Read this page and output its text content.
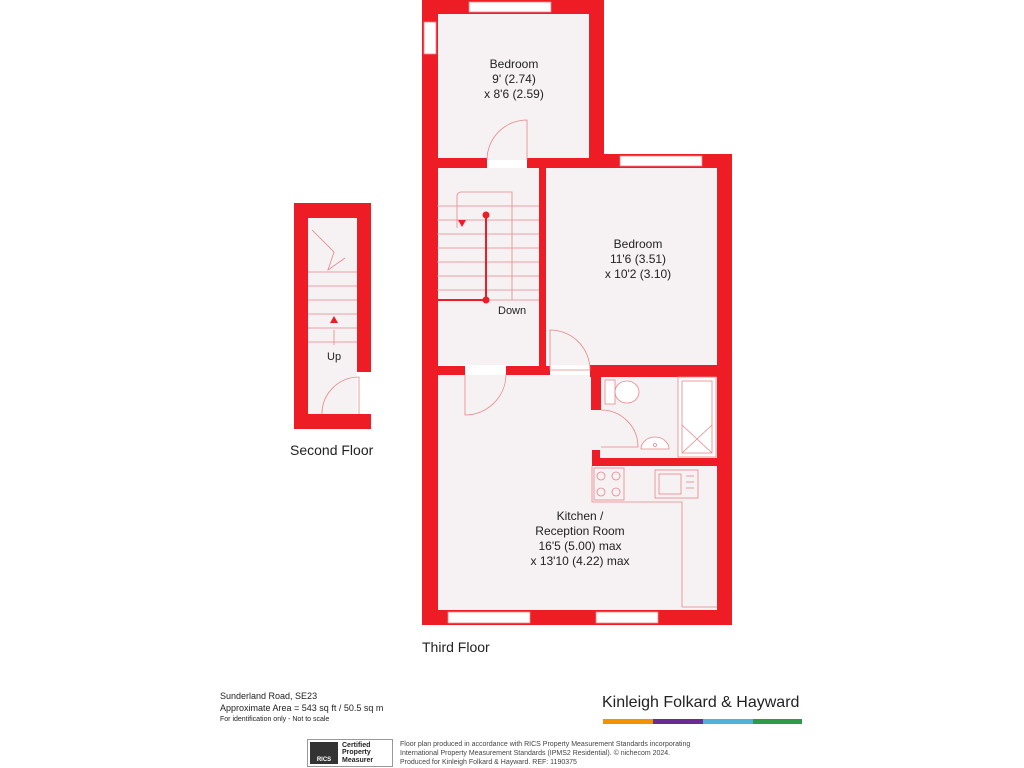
Bedroom
9' (2.74)
x 8'6 (2.59)
Bedroom
11'6 (3.51)
x 10'2 (3.10)
Kitchen /
Reception Room
16'5 (5.00) max
x 13'10 (4.22) max
Down
Up
Second Floor
Third Floor
Sunderland Road, SE23
Approximate Area = 543 sq ft / 50.5 sq m
For identification only - Not to scale
Kinleigh Folkard & Hayward
RICS
Certified
Property
Measurer
Floor plan produced in accordance with RICS Property Measurement Standards incorporating
International Property Measurement Standards (IPMS2 Residential). © nichecom 2024.
Produced for Kinleigh Folkard & Hayward. REF: 1190375
